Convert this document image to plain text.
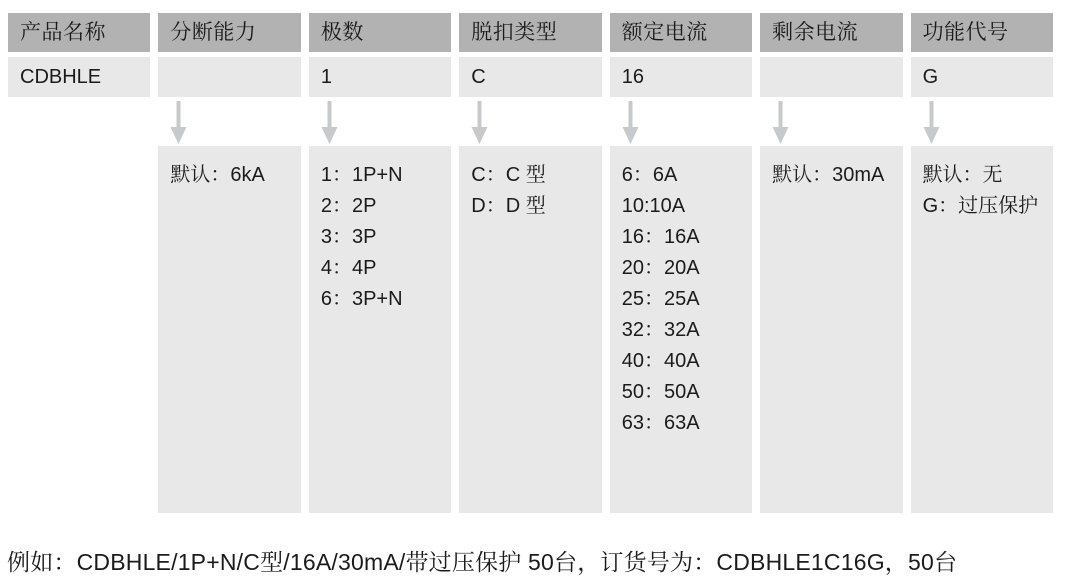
产品名称
CDBHLE
分断能力
默认：6kA
极数
1
1：1P+N
2：2P
3：3P
4：4P
6：3P+N
脱扣类型
C
C：C 型
D：D 型
额定电流
16
6：6A
10:10A
16：16A
20：20A
25：25A
32：32A
40：40A
50：50A
63：63A
剩余电流
默认：30mA
功能代号
G
默认：无
G：过压保护
例如：CDBHLE/1P+N/C型/16A/30mA/带过压保护 50台，订货号为：CDBHLE1C16G，50台
